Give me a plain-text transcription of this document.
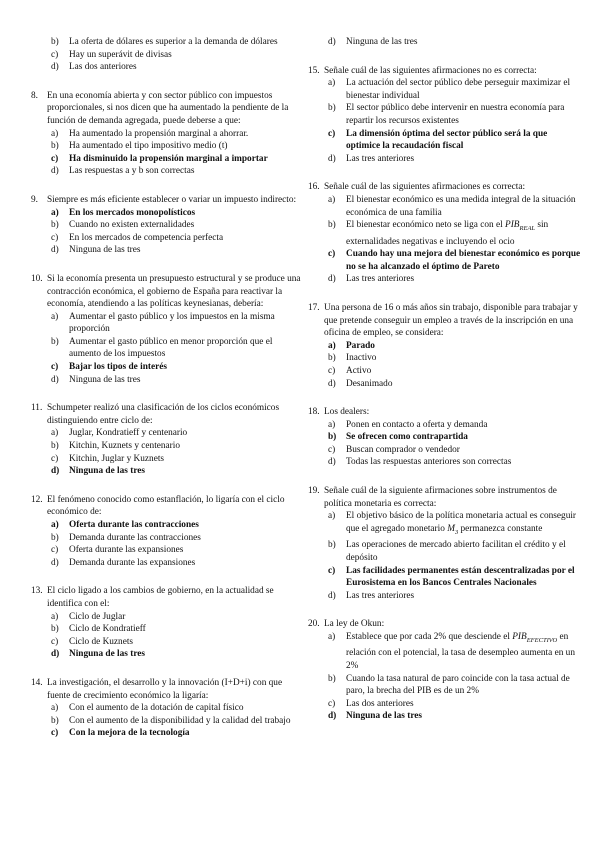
b)	La oferta de dólares es superior a la demanda de dólares
c)	Hay un superávit de divisas
d)	Las dos anteriores
8. En una economía abierta y con sector público con impuestos proporcionales, si nos dicen que ha aumentado la pendiente de la función de demanda agregada, puede deberse a que:
a)	Ha aumentado la propensión marginal a ahorrar.
b)	Ha aumentado el tipo impositivo medio (t)
c)	Ha disminuido la propensión marginal a importar
d)	Las respuestas a y b son correctas
9. Siempre es más eficiente establecer o variar un impuesto indirecto:
a)	En los mercados monopolísticos
b)	Cuando no existen externalidades
c)	En los mercados de competencia perfecta
d)	Ninguna de las tres
10. Si la economía presenta un presupuesto estructural y se produce una contracción económica, el gobierno de España para reactivar la economía, atendiendo a las políticas keynesianas, debería:
a)	Aumentar el gasto público y los impuestos en la misma proporción
b)	Aumentar el gasto público en menor proporción que el aumento de los impuestos
c)	Bajar los tipos de interés
d)	Ninguna de las tres
11. Schumpeter realizó una clasificación de los ciclos económicos distinguiendo entre ciclo de:
a)	Juglar, Kondratieff y centenario
b)	Kitchin, Kuznets y centenario
c)	Kitchin, Juglar y Kuznets
d)	Ninguna de las tres
12. El fenómeno conocido como estanflación, lo ligaría con el ciclo económico de:
a)	Oferta durante las contracciones
b)	Demanda durante las contracciones
c)	Oferta durante las expansiones
d)	Demanda durante las expansiones
13. El ciclo ligado a los cambios de gobierno, en la actualidad se identifica con el:
a)	Ciclo de Juglar
b)	Ciclo de Kondratieff
c)	Ciclo de Kuznets
d)	Ninguna de las tres
14. La investigación, el desarrollo y la innovación (I+D+i) con que fuente de crecimiento económico la ligaría:
a)	Con el aumento de la dotación de capital físico
b)	Con el aumento de la disponibilidad y la calidad del trabajo
c)	Con la mejora de la tecnología
d)	Ninguna de las tres
15. Señale cuál de las siguientes afirmaciones no es correcta:
a)	La actuación del sector público debe perseguir maximizar el bienestar individual
b)	El sector público debe intervenir en nuestra economía para repartir los recursos existentes
c)	La dimensión óptima del sector público será la que optimice la recaudación fiscal
d)	Las tres anteriores
16. Señale cuál de las siguientes afirmaciones es correcta:
a)	El bienestar económico es una medida integral de la situación económica de una familia
b)	El bienestar económico neto se liga con el $PIB_{REAL}$ sin externalidades negativas e incluyendo el ocio
c)	Cuando hay una mejora del bienestar económico es porque no se ha alcanzado el óptimo de Pareto
d)	Las tres anteriores
17. Una persona de 16 o más años sin trabajo, disponible para trabajar y que pretende conseguir un empleo a través de la inscripción en una oficina de empleo, se considera:
a)	Parado
b)	Inactivo
c)	Activo
d)	Desanimado
18. Los dealers:
a)	Ponen en contacto a oferta y demanda
b)	Se ofrecen como contrapartida
c)	Buscan comprador o vendedor
d)	Todas las respuestas anteriores son correctas
19. Señale cuál de la siguiente afirmaciones sobre instrumentos de política monetaria es correcta:
a)	El objetivo básico de la política monetaria actual es conseguir que el agregado monetario $M_3$ permanezca constante
b)	Las operaciones de mercado abierto facilitan el crédito y el depósito
c)	Las facilidades permanentes están descentralizadas por el Eurosistema en los Bancos Centrales Nacionales
d)	Las tres anteriores
20. La ley de Okun:
a)	Establece que por cada 2% que desciende el $PIB_{EFECTIVO}$ en relación con el potencial, la tasa de desempleo aumenta en un 2%
b)	Cuando la tasa natural de paro coincide con la tasa actual de paro, la brecha del PIB es de un 2%
c)	Las dos anteriores
d)	Ninguna de las tres
